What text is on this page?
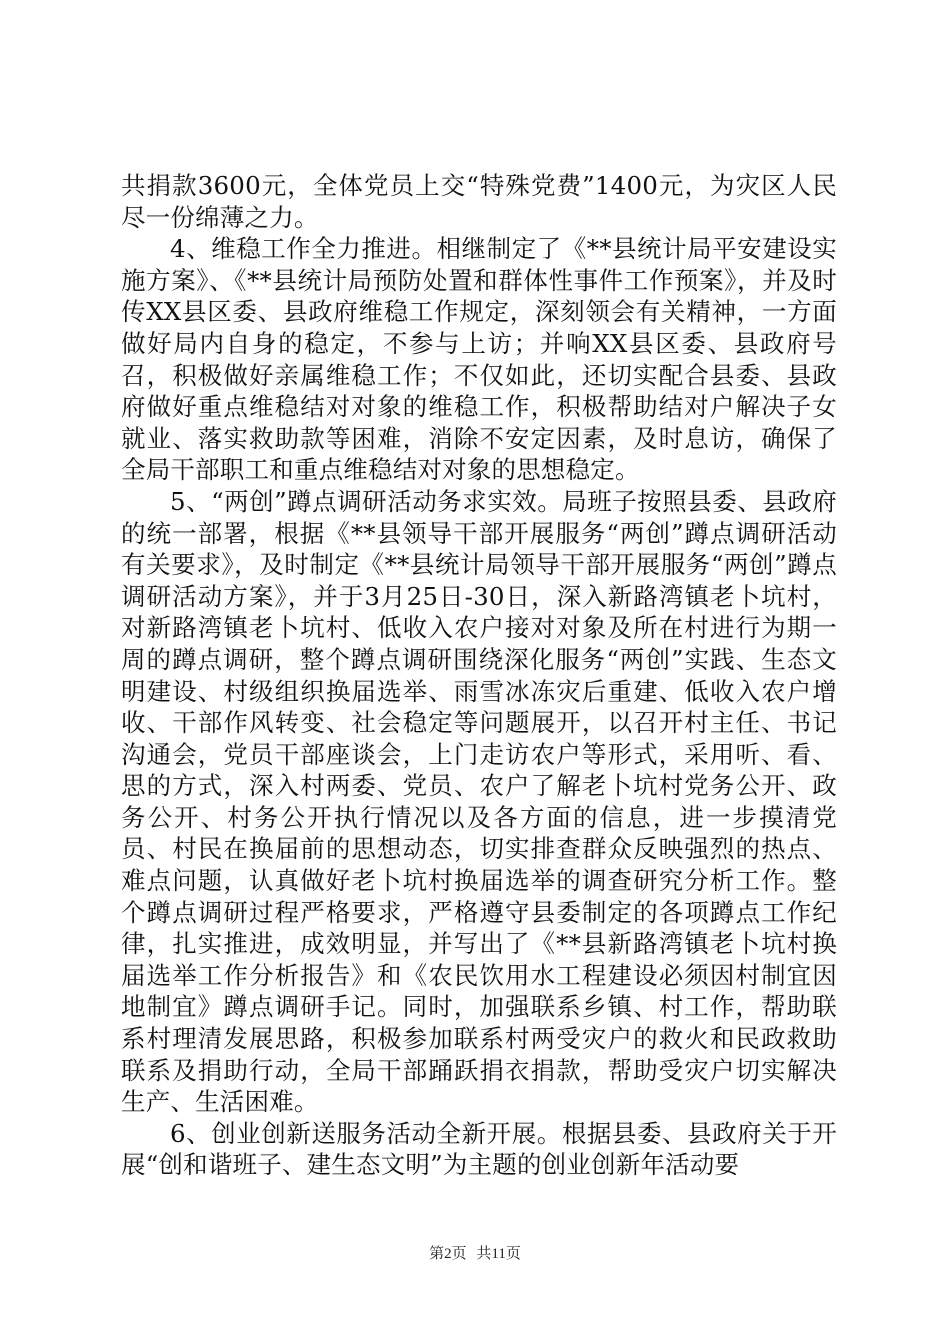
共捐款3600元，全体党员上交“特殊党费”1400元，为灾区人民尽一份绵薄之力。

4、维稳工作全力推进。相继制定了《**县统计局平安建设实施方案》、《**县统计局预防处置和群体性事件工作预案》，并及时传XX县区委、县政府维稳工作规定，深刻领会有关精神，一方面做好局内自身的稳定，不参与上访；并响XX县区委、县政府号召，积极做好亲属维稳工作；不仅如此，还切实配合县委、县政府做好重点维稳结对对象的维稳工作，积极帮助结对户解决子女就业、落实救助款等困难，消除不安定因素，及时息访，确保了全局干部职工和重点维稳结对对象的思想稳定。

5、“两创”蹲点调研活动务求实效。局班子按照县委、县政府的统一部署，根据《**县领导干部开展服务“两创”蹲点调研活动有关要求》，及时制定《**县统计局领导干部开展服务“两创”蹲点调研活动方案》，并于3月25日-30日，深入新路湾镇老卜坑村，对新路湾镇老卜坑村、低收入农户接对对象及所在村进行为期一周的蹲点调研，整个蹲点调研围绕深化服务“两创”实践、生态文明建设、村级组织换届选举、雨雪冰冻灾后重建、低收入农户增收、干部作风转变、社会稳定等问题展开，以召开村主任、书记沟通会，党员干部座谈会，上门走访农户等形式，采用听、看、思的方式，深入村两委、党员、农户了解老卜坑村党务公开、政务公开、村务公开执行情况以及各方面的信息，进一步摸清党员、村民在换届前的思想动态，切实排查群众反映强烈的热点、难点问题，认真做好老卜坑村换届选举的调查研究分析工作。整个蹲点调研过程严格要求，严格遵守县委制定的各项蹲点工作纪律，扎实推进，成效明显，并写出了《**县新路湾镇老卜坑村换届选举工作分析报告》和《农民饮用水工程建设必须因村制宜因地制宜》蹲点调研手记。同时，加强联系乡镇、村工作，帮助联系村理清发展思路，积极参加联系村两受灾户的救火和民政救助联系及捐助行动，全局干部踊跃捐衣捐款，帮助受灾户切实解决生产、生活困难。

6、创业创新送服务活动全新开展。根据县委、县政府关于开展“创和谐班子、建生态文明”为主题的创业创新年活动要

第2页 共11页
